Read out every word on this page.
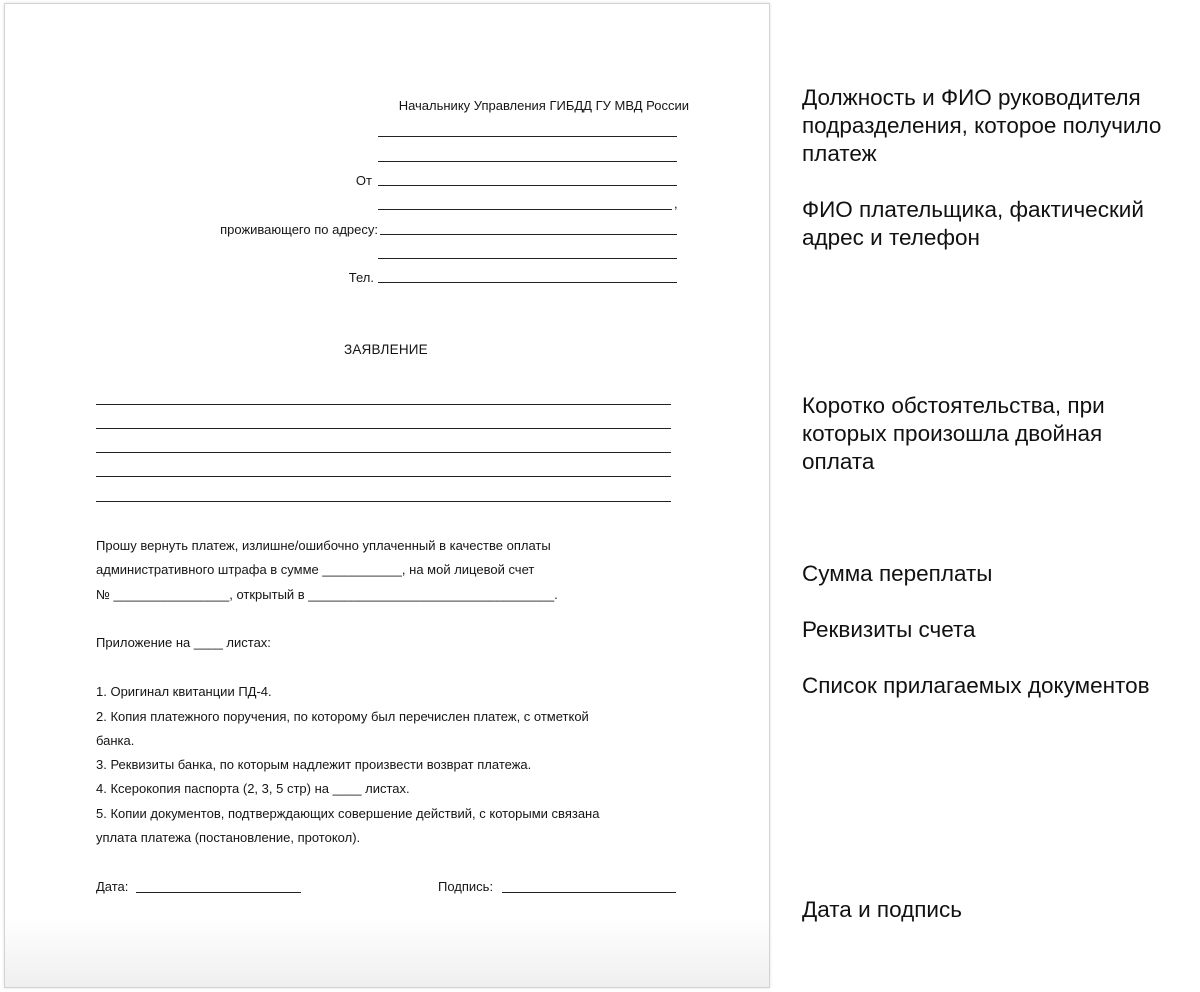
Начальнику Управления ГИБДД ГУ МВД России
От
,
проживающего по адресу:
Тел.
ЗАЯВЛЕНИЕ
Прошу вернуть платеж, излишне/ошибочно уплаченный в качестве оплаты
административного штрафа в сумме ___________, на мой лицевой счет
№ ________________, открытый в __________________________________.
Приложение на ____ листах:
1. Оригинал квитанции ПД-4.
2. Копия платежного поручения, по которому был перечислен платеж, с отметкой
банка.
3. Реквизиты банка, по которым надлежит произвести возврат платежа.
4. Ксерокопия паспорта (2, 3, 5 стр) на ____ листах.
5. Копии документов, подтверждающих совершение действий, с которыми связана
уплата платежа (постановление, протокол).
Дата:	Подпись:
Должность и ФИО руководителя
подразделения, которое получило
платеж
ФИО плательщика, фактический
адрес и телефон
Коротко обстоятельства, при
которых произошла двойная
оплата
Сумма переплаты
Реквизиты счета
Список прилагаемых документов
Дата и подпись
